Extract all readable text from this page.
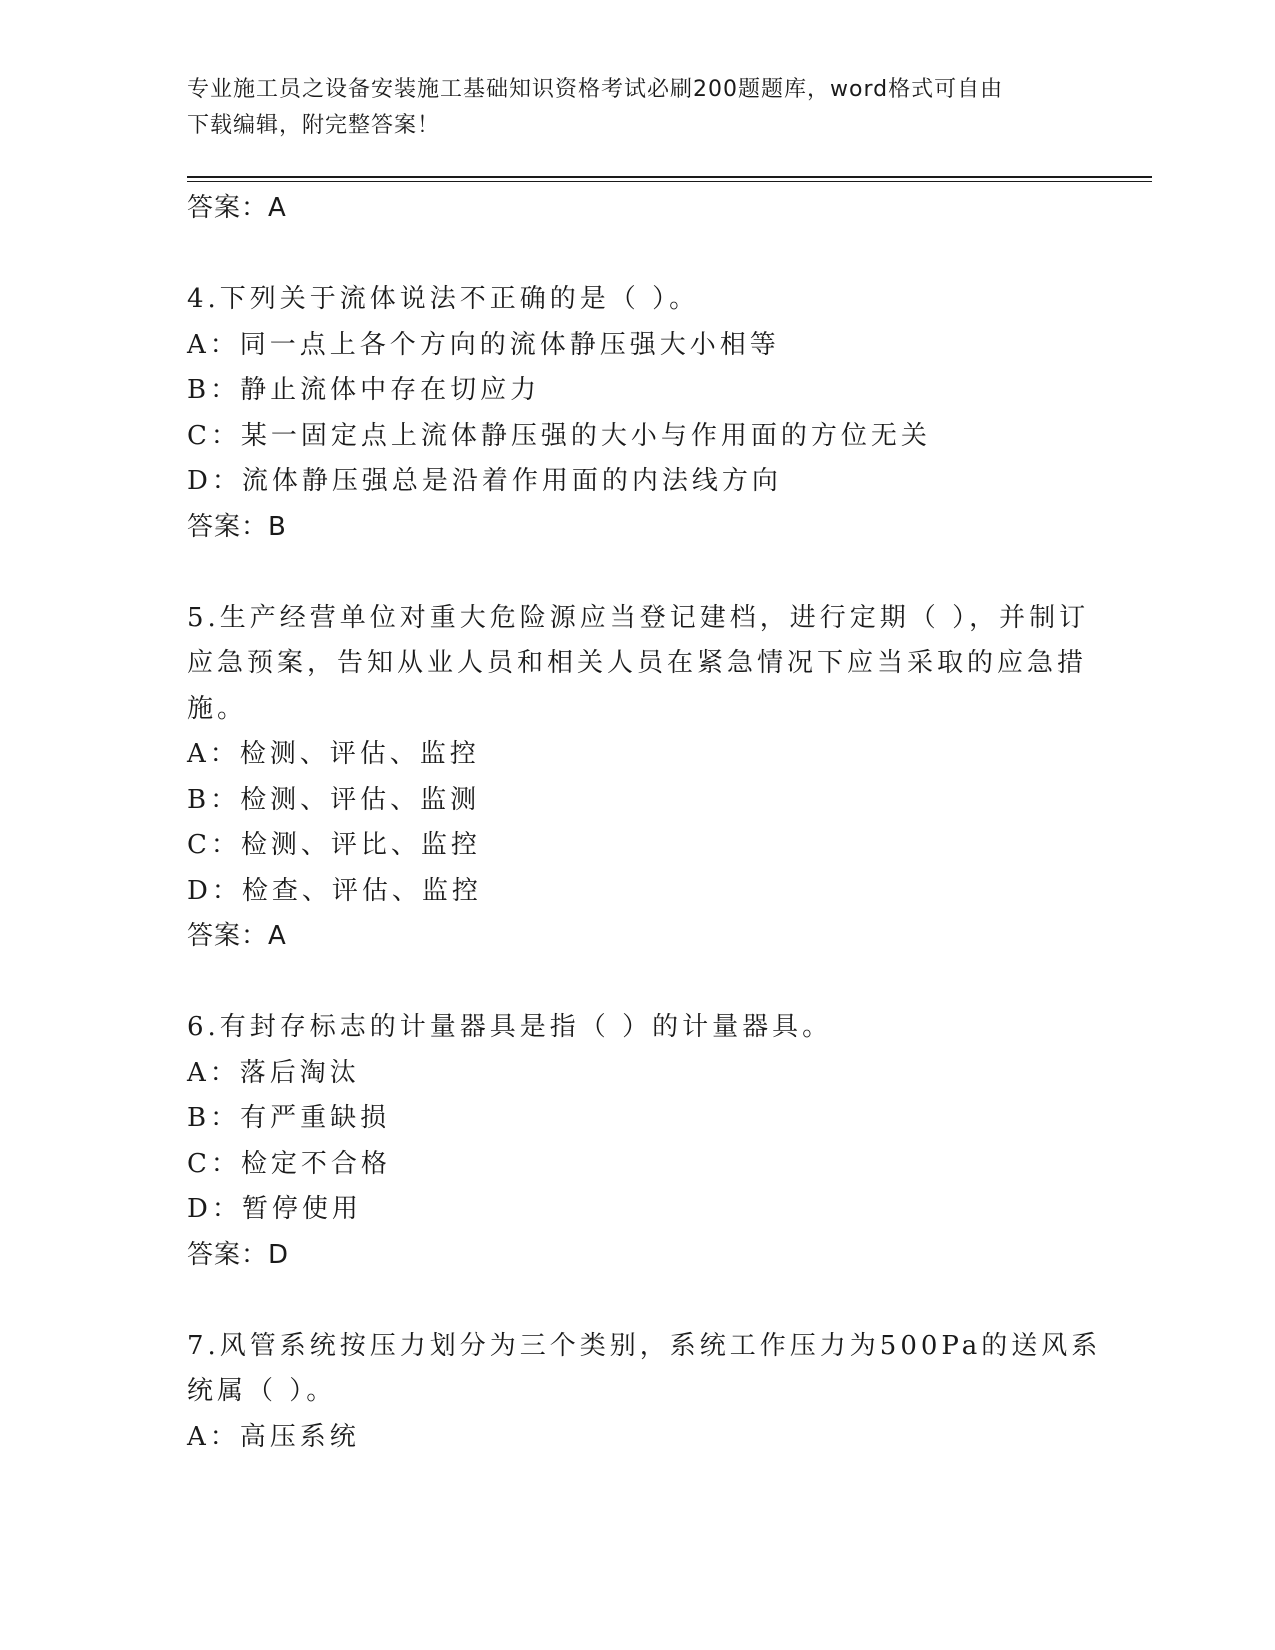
专业施工员之设备安装施工基础知识资格考试必刷200题题库，word格式可自由
下载编辑，附完整答案！

答案：A

4.下列关于流体说法不正确的是（ ）。

A：同一点上各个方向的流体静压强大小相等

B：静止流体中存在切应力

C：某一固定点上流体静压强的大小与作用面的方位无关

D：流体静压强总是沿着作用面的内法线方向

答案：B

5.生产经营单位对重大危险源应当登记建档，进行定期（ ），并制订

应急预案，告知从业人员和相关人员在紧急情况下应当采取的应急措

施。

A：检测、评估、监控

B：检测、评估、监测

C：检测、评比、监控

D：检查、评估、监控

答案：A

6.有封存标志的计量器具是指（ ）的计量器具。

A：落后淘汰

B：有严重缺损

C：检定不合格

D：暂停使用

答案：D

7.风管系统按压力划分为三个类别，系统工作压力为500Pa的送风系

统属（ ）。

A：高压系统
